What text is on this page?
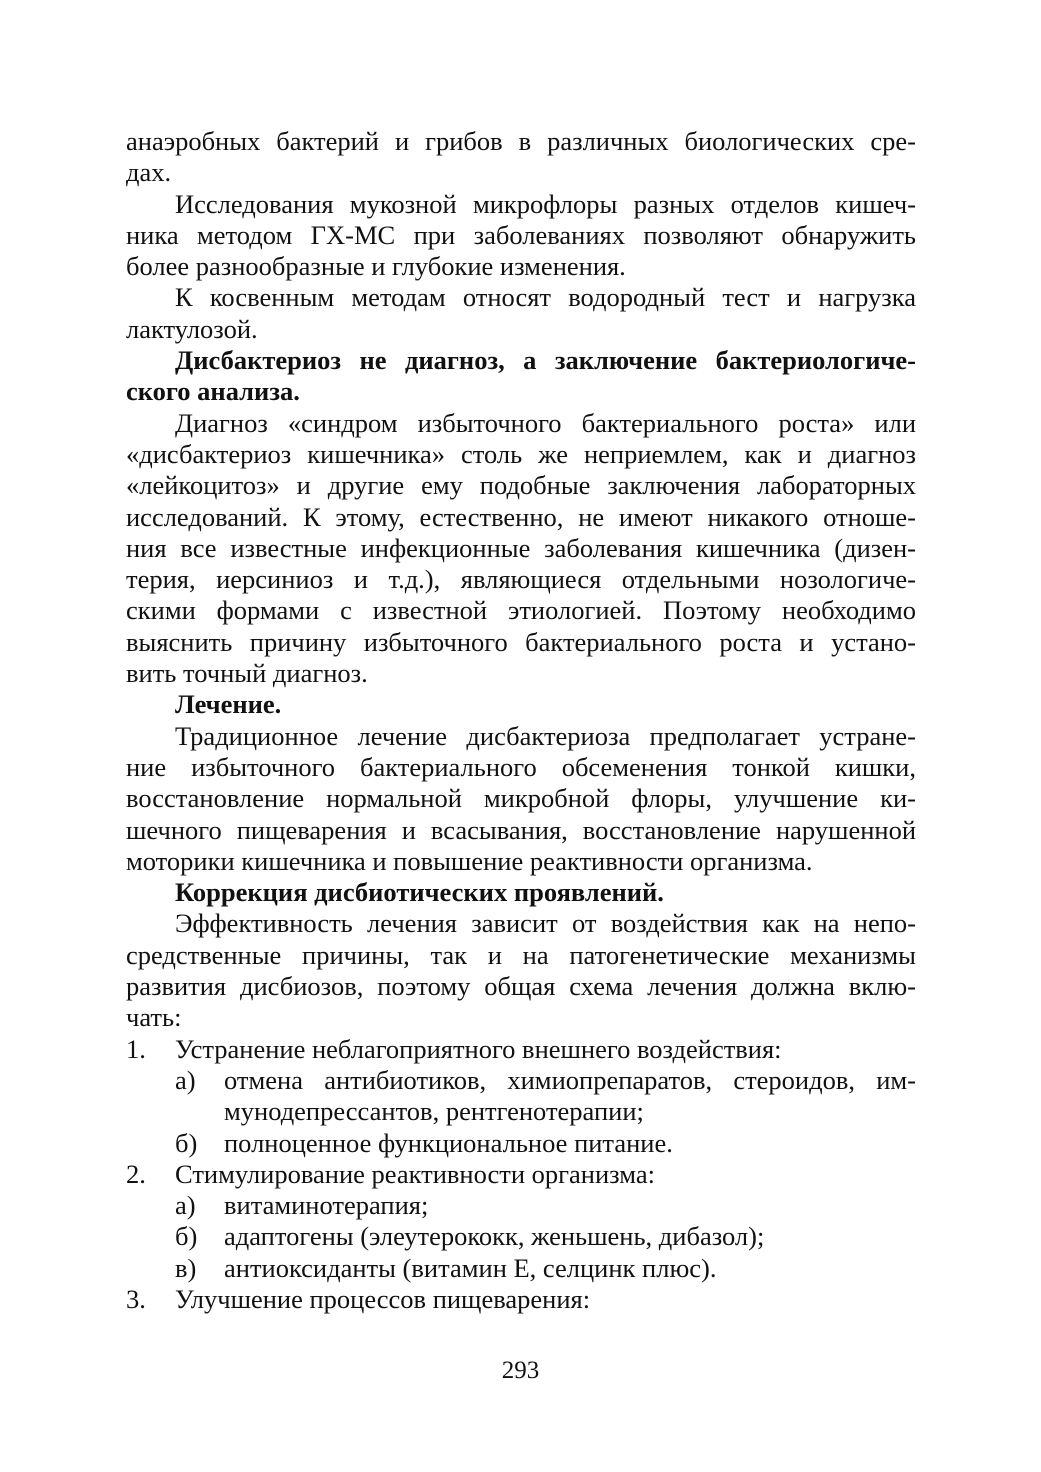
анаэробных бактерий и грибов в различных биологических сре-
дах.
Исследования мукозной микрофлоры разных отделов кишеч-
ника методом ГХ-МС при заболеваниях позволяют обнаружить
более разнообразные и глубокие изменения.
К косвенным методам относят водородный тест и нагрузка
лактулозой.
Дисбактериоз не диагноз, а заключение бактериологиче-
ского анализа.
Диагноз «синдром избыточного бактериального роста» или
«дисбактериоз кишечника» столь же неприемлем, как и диагноз
«лейкоцитоз» и другие ему подобные заключения лабораторных
исследований. К этому, естественно, не имеют никакого отноше-
ния все известные инфекционные заболевания кишечника (дизен-
терия, иерсиниоз и т.д.), являющиеся отдельными нозологиче-
скими формами с известной этиологией. Поэтому необходимо
выяснить причину избыточного бактериального роста и устано-
вить точный диагноз.
Лечение.
Традиционное лечение дисбактериоза предполагает устране-
ние избыточного бактериального обсеменения тонкой кишки,
восстановление нормальной микробной флоры, улучшение ки-
шечного пищеварения и всасывания, восстановление нарушенной
моторики кишечника и повышение реактивности организма.
Коррекция дисбиотических проявлений.
Эффективность лечения зависит от воздействия как на непо-
средственные причины, так и на патогенетические механизмы
развития дисбиозов, поэтому общая схема лечения должна вклю-
чать:
1. Устранение неблагоприятного внешнего воздействия:
а) отмена антибиотиков, химиопрепаратов, стероидов, им-
мунодепрессантов, рентгенотерапии;
б) полноценное функциональное питание.
2. Стимулирование реактивности организма:
а) витаминотерапия;
б) адаптогены (элеутерококк, женьшень, дибазол);
в) антиоксиданты (витамин Е, селцинк плюс).
3. Улучшение процессов пищеварения:
293
